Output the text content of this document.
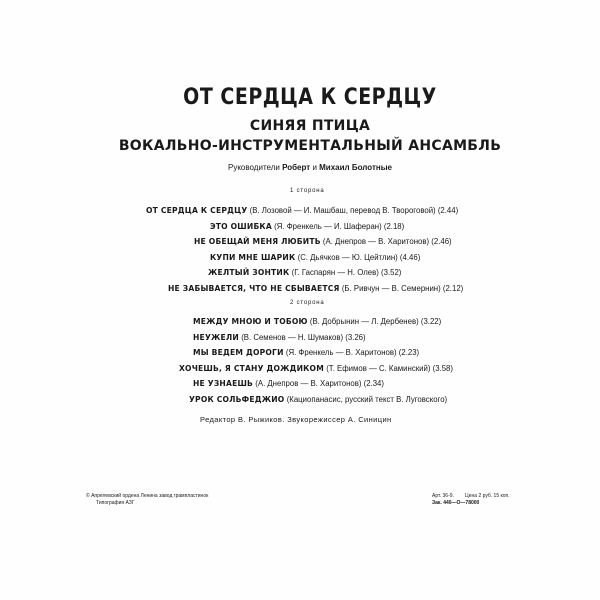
ОТ СЕРДЦА К СЕРДЦУ
СИНЯЯ ПТИЦА
ВОКАЛЬНО-ИНСТРУМЕНТАЛЬНЫЙ АНСАМБЛЬ
Руководители Роберт и Михаил Болотные
1 сторона
ОТ СЕРДЦА К СЕРДЦУ (В. Лозовой — И. Машбаш, перевод В. Твороговой) (2.44)
ЭТО ОШИБКА (Я. Френкель — И. Шаферан) (2.18)
НЕ ОБЕЩАЙ МЕНЯ ЛЮБИТЬ (А. Днепров — В. Харитонов) (2.46)
КУПИ МНЕ ШАРИК (С. Дьячков — Ю. Цейтлин) (4.46)
ЖЕЛТЫЙ ЗОНТИК (Г. Гаспарян — Н. Олев) (3.52)
НЕ ЗАБЫВАЕТСЯ, ЧТО НЕ СБЫВАЕТСЯ (Б. Ривчун — В. Семернин) (2.12)
2 сторона
МЕЖДУ МНОЮ И ТОБОЮ (В. Добрынин — Л. Дербенев) (3.22)
НЕУЖЕЛИ (В. Семенов — Н. Шумаков) (3.26)
МЫ ВЕДЕМ ДОРОГИ (Я. Френкель — В. Харитонов) (2.23)
ХОЧЕШЬ, Я СТАНУ ДОЖДИКОМ (Т. Ефимов — С. Каминский) (3.58)
НЕ УЗНАЕШЬ (А. Днепров — В. Харитонов) (2.34)
УРОК СОЛЬФЕДЖИО (Кациопанасис, русский текст В. Луговского)
Редактор В. Рыжиков. Звукорежиссер А. Синицин
© Апрелевский ордена Ленина завод грампластинок
Типография АЗГ
Арт. 36-9. Цена 2 руб. 15 коп.
Зак. 440—О—78000
